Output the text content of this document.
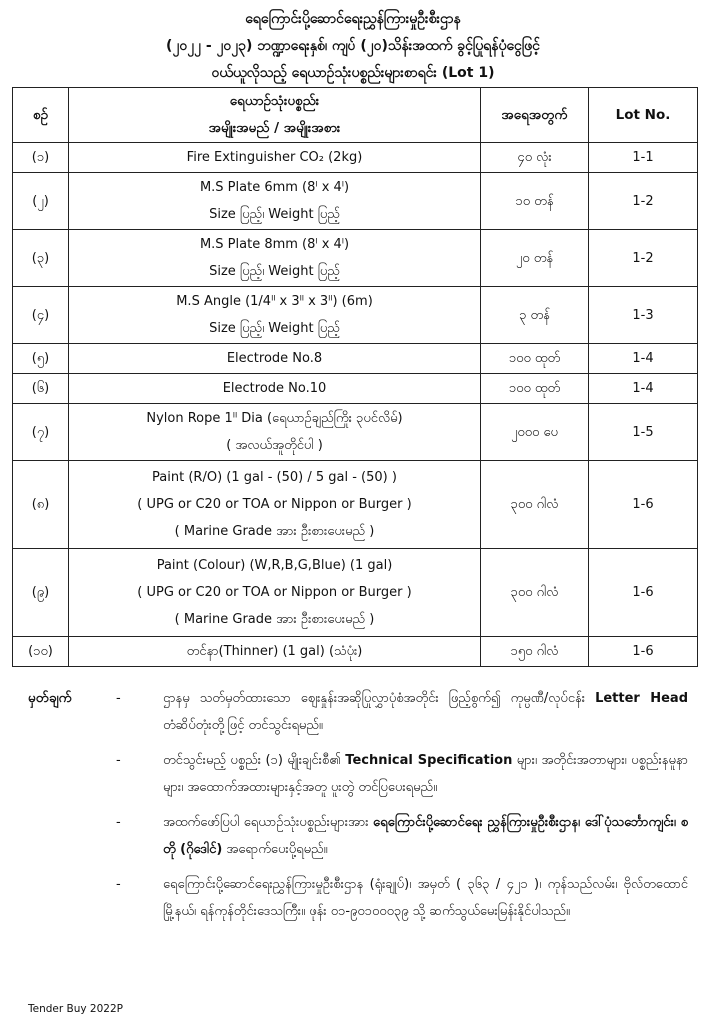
ရေကြောင်းပို့ဆောင်ရေးညွှန်ကြားမှုဦးစီးဌာန
(၂၀၂၂ - ၂၀၂၃) ဘဏ္ဍာရေးနှစ်၊ ကျပ် (၂၀)သိန်းအထက် ခွင့်ပြုရန်ပုံငွေဖြင့်
ဝယ်ယူလိုသည့် ရေယာဉ်သုံးပစ္စည်းများစာရင်း (Lot 1)
စဉ်	ရေယာဉ်သုံးပစ္စည်း
အမျိုးအမည် / အမျိုးအစား	အရေအတွက်	Lot No.
(၁)	Fire Extinguisher CO₂ (2kg)	၄၀ လုံး	1-1
(၂)	M.S Plate 6mm (8ˡ x 4ˡ)
Size ပြည့်၊ Weight ပြည့်	၁၀ တန်	1-2
(၃)	M.S Plate 8mm (8ˡ x 4ˡ)
Size ပြည့်၊ Weight ပြည့်	၂၀ တန်	1-2
(၄)	M.S Angle (1/4ˡˡ x 3ˡˡ x 3ˡˡ) (6m)
Size ပြည့်၊ Weight ပြည့်	၃ တန်	1-3
(၅)	Electrode No.8	၁၀၀ ထုတ်	1-4
(၆)	Electrode No.10	၁၀၀ ထုတ်	1-4
(၇)	Nylon Rope 1ˡˡ Dia (ရေယာဉ်ချည်ကြိုး ၃ပင်လိမ်)
( အလယ်အူတိုင်ပါ )	၂၀၀၀ ပေ	1-5
(၈)	Paint (R/O) (1 gal - (50) / 5 gal - (50) )
( UPG or C20 or TOA or Nippon or Burger )
( Marine Grade အား ဦးစားပေးမည် )	၃၀၀ ဂါလံ	1-6
(၉)	Paint (Colour) (W,R,B,G,Blue) (1 gal)
( UPG or C20 or TOA or Nippon or Burger )
( Marine Grade အား ဦးစားပေးမည် )	၃၀၀ ဂါလံ	1-6
(၁၀)	တင်နာ(Thinner) (1 gal) (သံပုံး)	၁၅၀ ဂါလံ	1-6
မှတ်ချက်	-	ဌာနမှ သတ်မှတ်ထားသော စျေးနှုန်းအဆိုပြုလွှာပုံစံအတိုင်း ဖြည့်စွက်၍ ကုမ္ပဏီ/လုပ်ငန်း Letter Head တံဆိပ်တုံးတို့ဖြင့် တင်သွင်းရမည်။
-	တင်သွင်းမည့် ပစ္စည်း (၁) မျိုးချင်းစီ၏ Technical Specification များ၊ အတိုင်းအတာများ၊ ပစ္စည်းနမူနာများ၊ အထောက်အထားများနှင့်အတူ ပူးတွဲ တင်ပြပေးရမည်။
-	အထက်ဖော်ပြပါ ရေယာဉ်သုံးပစ္စည်းများအား ရေကြောင်းပို့ဆောင်ရေး ညွှန်ကြားမှုဦးစီးဌာန၊ ဒေါ်ပုံသင်္ဘောကျင်း၊ စတို (ဂိုဒေါင်) အရောက်ပေးပို့ရမည်။
-	ရေကြောင်းပို့ဆောင်ရေးညွှန်ကြားမှုဦးစီးဌာန (ရုံးချုပ်)၊ အမှတ် ( ၃၆၃ / ၄၂၁ )၊ ကုန်သည်လမ်း၊ ဗိုလ်တထောင်မြို့နယ်၊ ရန်ကုန်တိုင်းဒေသကြီး။ ဖုန်း ၀၁-၉၀၁၀၀၀၃၉ သို့ ဆက်သွယ်မေးမြန်းနိုင်ပါသည်။
Tender Buy 2022P
